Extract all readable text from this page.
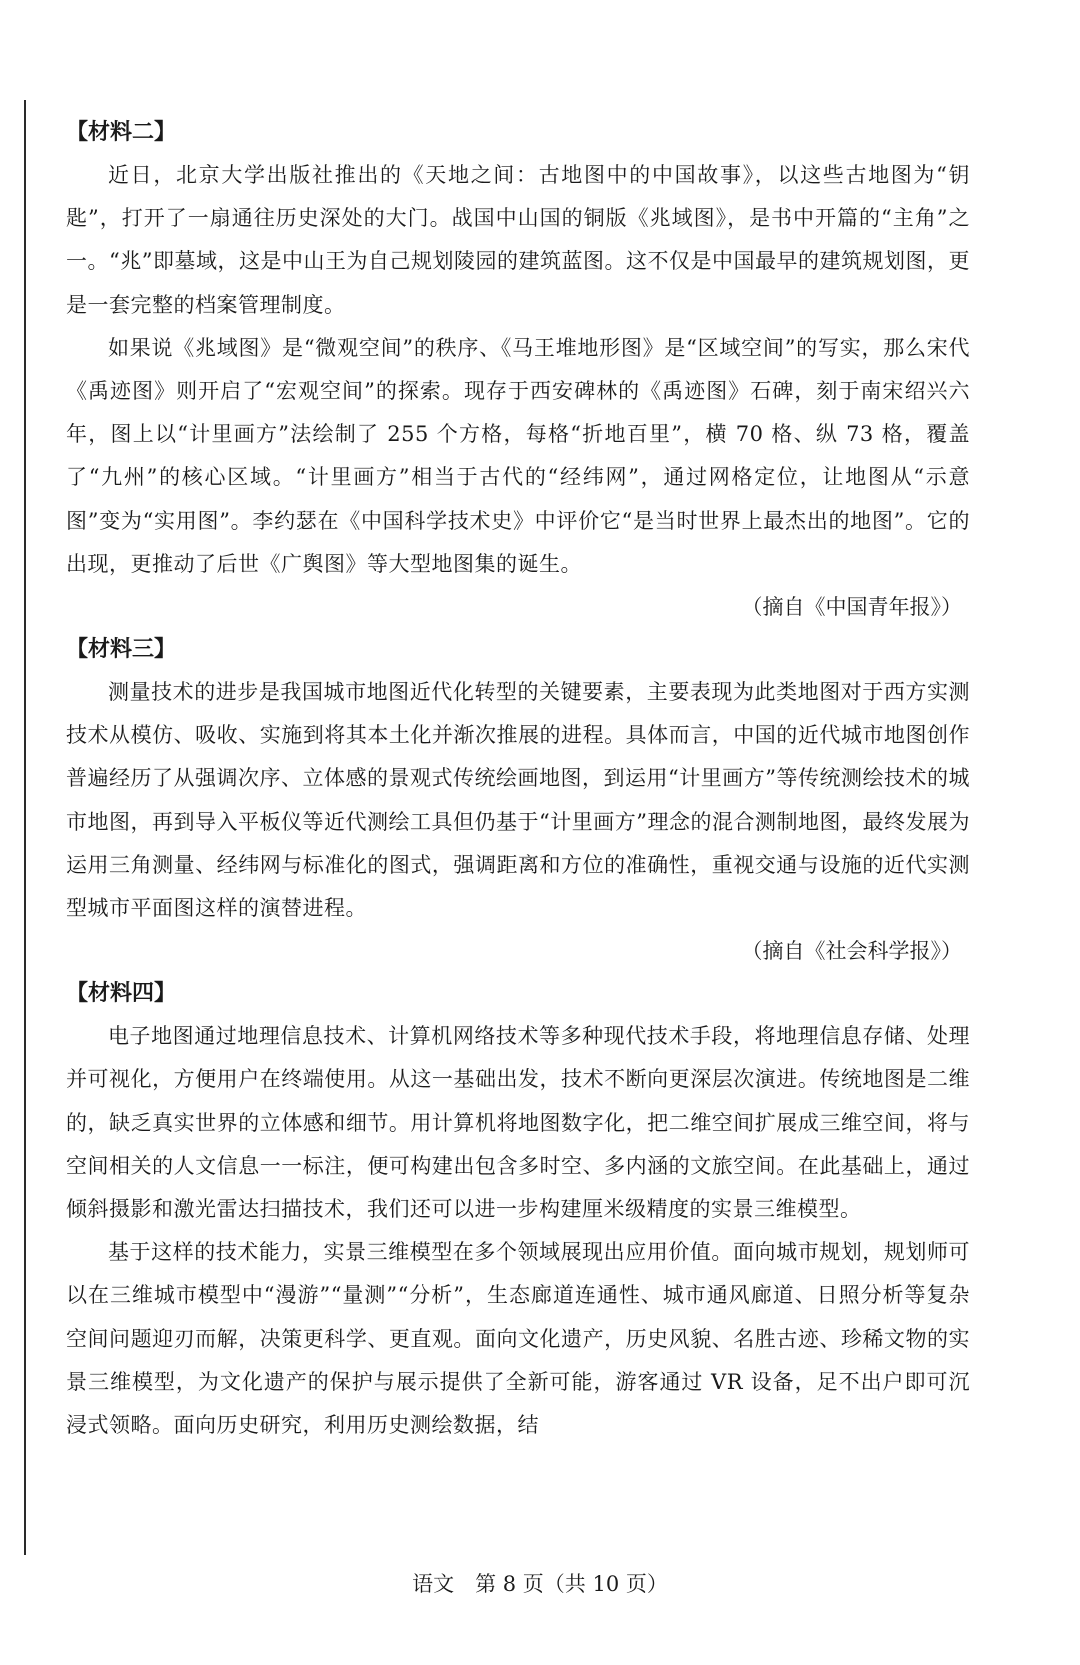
【材料二】

近日，北京大学出版社推出的《天地之间：古地图中的中国故事》，以这些古地图为“钥匙”，打开了一扇通往历史深处的大门。战国中山国的铜版《兆域图》，是书中开篇的“主角”之一。“兆”即墓域，这是中山王为自己规划陵园的建筑蓝图。这不仅是中国最早的建筑规划图，更是一套完整的档案管理制度。

如果说《兆域图》是“微观空间”的秩序、《马王堆地形图》是“区域空间”的写实，那么宋代《禹迹图》则开启了“宏观空间”的探索。现存于西安碑林的《禹迹图》石碑，刻于南宋绍兴六年，图上以“计里画方”法绘制了 255 个方格，每格“折地百里”，横 70 格、纵 73 格，覆盖了“九州”的核心区域。“计里画方”相当于古代的“经纬网”，通过网格定位，让地图从“示意图”变为“实用图”。李约瑟在《中国科学技术史》中评价它“是当时世界上最杰出的地图”。它的出现，更推动了后世《广舆图》等大型地图集的诞生。

（摘自《中国青年报》）

【材料三】

测量技术的进步是我国城市地图近代化转型的关键要素，主要表现为此类地图对于西方实测技术从模仿、吸收、实施到将其本土化并渐次推展的进程。具体而言，中国的近代城市地图创作普遍经历了从强调次序、立体感的景观式传统绘画地图，到运用“计里画方”等传统测绘技术的城市地图，再到导入平板仪等近代测绘工具但仍基于“计里画方”理念的混合测制地图，最终发展为运用三角测量、经纬网与标准化的图式，强调距离和方位的准确性，重视交通与设施的近代实测型城市平面图这样的演替进程。

（摘自《社会科学报》）

【材料四】

电子地图通过地理信息技术、计算机网络技术等多种现代技术手段，将地理信息存储、处理并可视化，方便用户在终端使用。从这一基础出发，技术不断向更深层次演进。传统地图是二维的，缺乏真实世界的立体感和细节。用计算机将地图数字化，把二维空间扩展成三维空间，将与空间相关的人文信息一一标注，便可构建出包含多时空、多内涵的文旅空间。在此基础上，通过倾斜摄影和激光雷达扫描技术，我们还可以进一步构建厘米级精度的实景三维模型。

基于这样的技术能力，实景三维模型在多个领域展现出应用价值。面向城市规划，规划师可以在三维城市模型中“漫游”“量测”“分析”，生态廊道连通性、城市通风廊道、日照分析等复杂空间问题迎刃而解，决策更科学、更直观。面向文化遗产，历史风貌、名胜古迹、珍稀文物的实景三维模型，为文化遗产的保护与展示提供了全新可能，游客通过 VR 设备，足不出户即可沉浸式领略。面向历史研究，利用历史测绘数据，结

语文　第 8 页（共 10 页）
